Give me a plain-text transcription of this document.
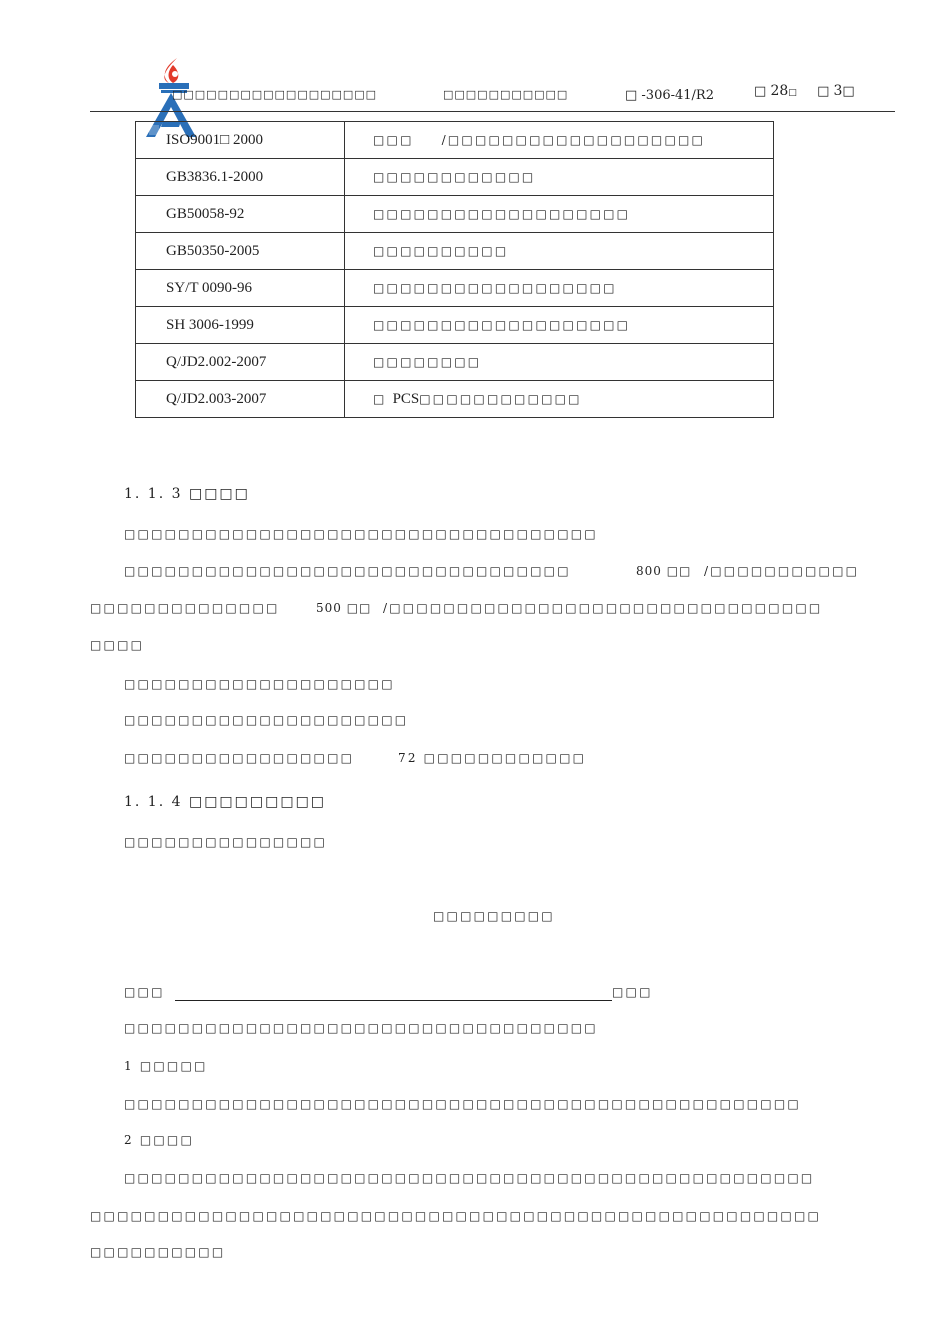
□□□□□□□□□□□□□□□□□□	□□□□□□□□□□□	□ -306-41/R2	□ 28□ □ 3□
ISO9001□ 2000	□□□ /□□□□□□□□□□□□□□□□□□□
GB3836.1-2000	□□□□□□□□□□□□
GB50058-92	□□□□□□□□□□□□□□□□□□□
GB50350-2005	□□□□□□□□□□
SY/T 0090-96	□□□□□□□□□□□□□□□□□□
SH 3006-1999	□□□□□□□□□□□□□□□□□□□
Q/JD2.002-2007	□□□□□□□□
Q/JD2.003-2007	□ PCS□□□□□□□□□□□□
1. 1. 3 □□□□
□□□□□□□□□□□□□□□□□□□□□□□□□□□□□□□□□□□
□□□□□□□□□□□□□□□□□□□□□□□□□□□□□□□□□	800 □□ /□□□□□□□□□□□
□□□□□□□□□□□□□□	500 □□ /□□□□□□□□□□□□□□□□□□□□□□□□□□□□□□□□
□□□□
□□□□□□□□□□□□□□□□□□□□
□□□□□□□□□□□□□□□□□□□□□
□□□□□□□□□□□□□□□□□	72 □□□□□□□□□□□□
1. 1. 4 □□□□□□□□□
□□□□□□□□□□□□□□□
□□□□□□□□□
□□□	□□□
□□□□□□□□□□□□□□□□□□□□□□□□□□□□□□□□□□□
1 □□□□□
□□□□□□□□□□□□□□□□□□□□□□□□□□□□□□□□□□□□□□□□□□□□□□□□□□
2 □□□□
□□□□□□□□□□□□□□□□□□□□□□□□□□□□□□□□□□□□□□□□□□□□□□□□□□□
□□□□□□□□□□□□□□□□□□□□□□□□□□□□□□□□□□□□□□□□□□□□□□□□□□□□□□
□□□□□□□□□□
